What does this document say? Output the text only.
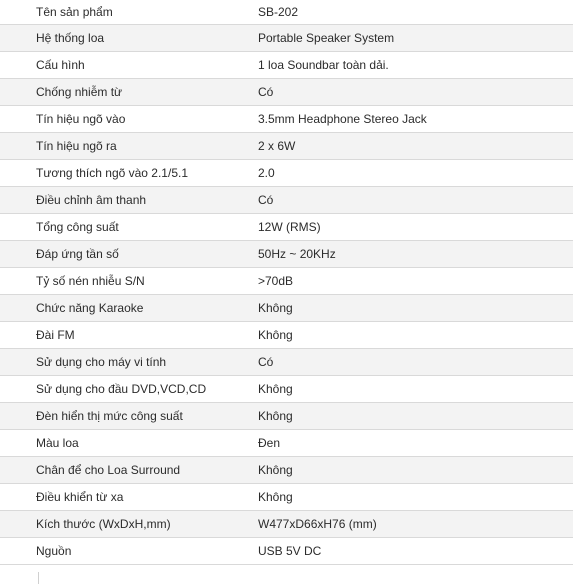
Tên sản phẩm	SB-202
Hệ thống loa	Portable Speaker System
Cấu hình	1 loa Soundbar toàn dải.
Chống nhiễm từ	Có
Tín hiệu ngõ vào	3.5mm Headphone Stereo Jack
Tín hiệu ngõ ra	2 x 6W
Tương thích ngõ vào 2.1/5.1	2.0
Điều chỉnh âm thanh	Có
Tổng công suất	12W (RMS)
Đáp ứng tần số	50Hz ~ 20KHz
Tỷ số nén nhiễu S/N	>70dB
Chức năng Karaoke	Không
Đài FM	Không
Sử dụng cho máy vi tính	Có
Sử dụng cho đầu DVD,VCD,CD	Không
Đèn hiển thị mức công suất	Không
Màu loa	Đen
Chân để cho Loa Surround	Không
Điều khiển từ xa	Không
Kích thước (WxDxH,mm)	W477xD66xH76 (mm)
Nguồn	USB 5V DC
